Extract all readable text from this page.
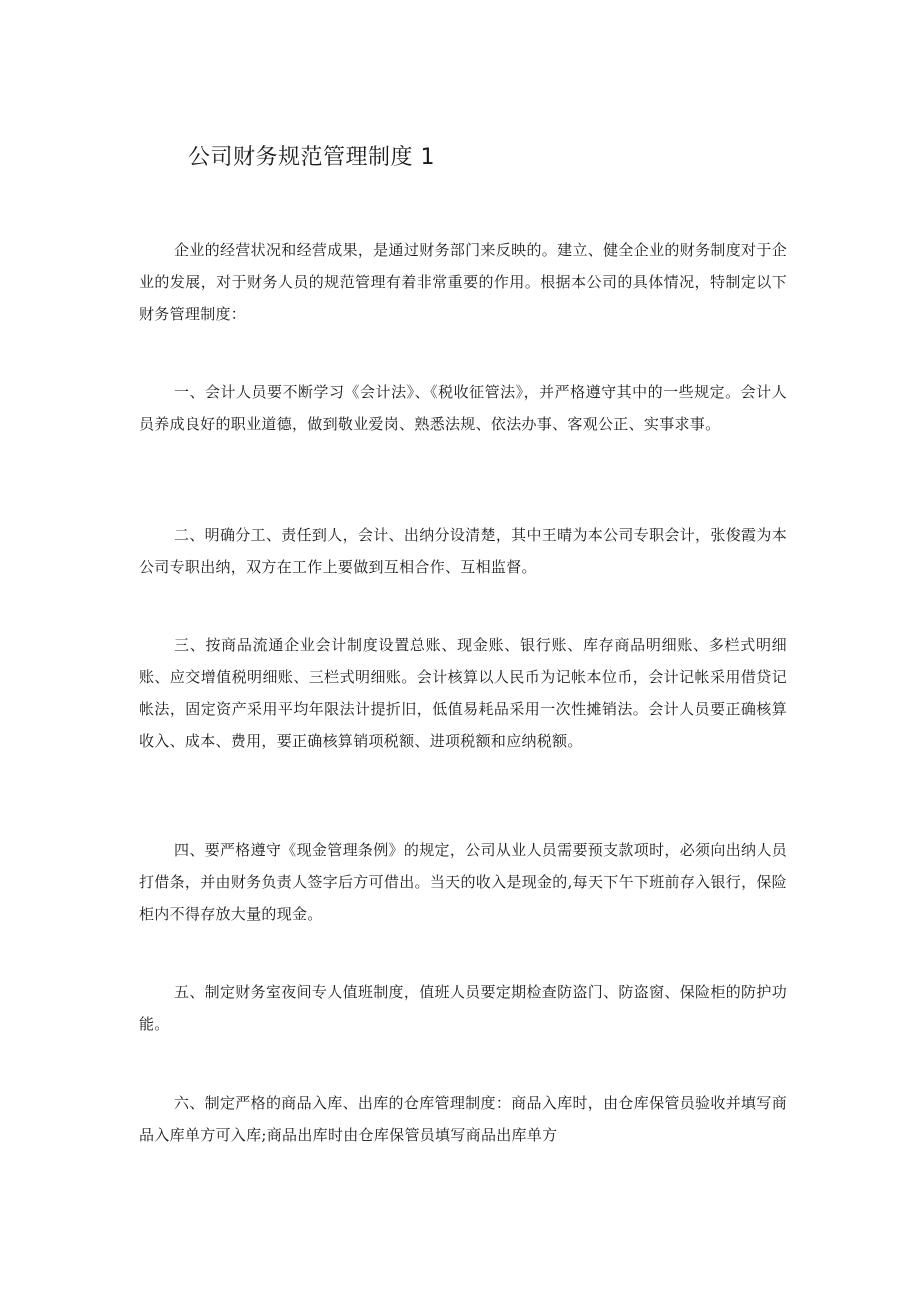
公司财务规范管理制度 1

企业的经营状况和经营成果，是通过财务部门来反映的。建立、健全企业的财务制度对于企业的发展，对于财务人员的规范管理有着非常重要的作用。根据本公司的具体情况，特制定以下财务管理制度：

一、会计人员要不断学习《会计法》、《税收征管法》，并严格遵守其中的一些规定。会计人员养成良好的职业道德，做到敬业爱岗、熟悉法规、依法办事、客观公正、实事求事。

二、明确分工、责任到人，会计、出纳分设清楚，其中王晴为本公司专职会计，张俊霞为本公司专职出纳，双方在工作上要做到互相合作、互相监督。

三、按商品流通企业会计制度设置总账、现金账、银行账、库存商品明细账、多栏式明细账、应交增值税明细账、三栏式明细账。会计核算以人民币为记帐本位币，会计记帐采用借贷记帐法，固定资产采用平均年限法计提折旧，低值易耗品采用一次性摊销法。会计人员要正确核算收入、成本、费用，要正确核算销项税额、进项税额和应纳税额。

四、要严格遵守《现金管理条例》的规定，公司从业人员需要预支款项时，必须向出纳人员打借条，并由财务负责人签字后方可借出。当天的收入是现金的,每天下午下班前存入银行，保险柜内不得存放大量的现金。

五、制定财务室夜间专人值班制度，值班人员要定期检查防盗门、防盗窗、保险柜的防护功能。

六、制定严格的商品入库、出库的仓库管理制度：商品入库时，由仓库保管员验收并填写商品入库单方可入库;商品出库时由仓库保管员填写商品出库单方
